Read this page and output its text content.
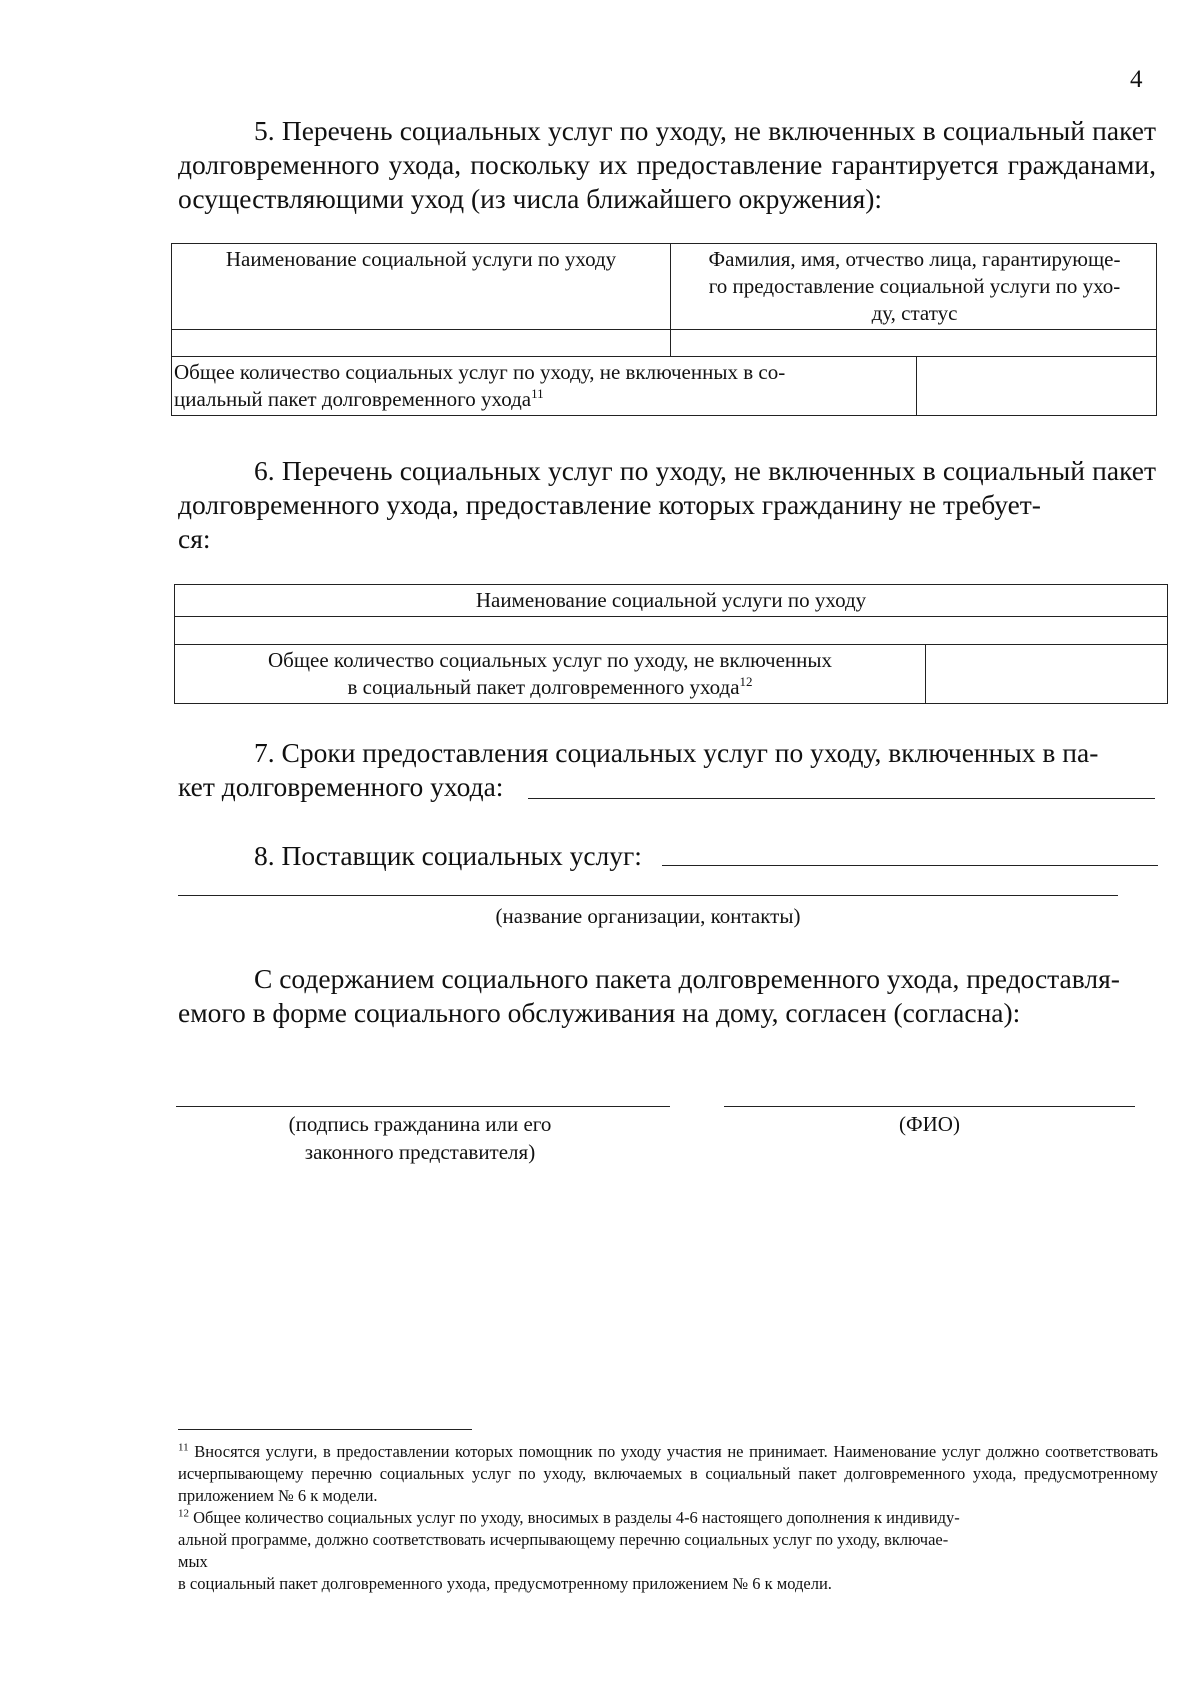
4
5. Перечень социальных услуг по уходу, не включенных в социальный пакет долговременного ухода, поскольку их предоставление гарантируется гражданами, осуществляющими уход (из числа ближайшего окружения):
Наименование социальной услуги по уходу	Фамилия, имя, отчество лица, гарантирующе-
го предоставление социальной услуги по ухо-
ду, статус	

Общее количество социальных услуг по уходу, не включенных в со-
циальный пакет долговременного ухода$^{11}$	
6. Перечень социальных услуг по уходу, не включенных в социальный пакет долговременного ухода, предоставление которых гражданину не требует-
ся:
Наименование социальной услуги по уходу

Общее количество социальных услуг по уходу, не включенных
в социальный пакет долговременного ухода$^{12}$	
7. Сроки предоставления социальных услуг по уходу, включенных в па-
кет долговременного ухода:
8. Поставщик социальных услуг:
(название организации, контакты)
С содержанием социального пакета долговременного ухода, предоставля-
емого в форме социального обслуживания на дому, согласен (согласна):
(подпись гражданина или его
законного представителя)
(ФИО)
$^{11}$ Вносятся услуги, в предоставлении которых помощник по уходу участия не принимает. Наименование услуг должно соответствовать исчерпывающему перечню социальных услуг по уходу, включаемых в социальный пакет долговременного ухода, предусмотренному приложением № 6 к модели.
$^{12}$ Общее количество социальных услуг по уходу, вносимых в разделы 4-6 настоящего дополнения к индивиду-
альной программе, должно соответствовать исчерпывающему перечню социальных услуг по уходу, включае-
мых
в социальный пакет долговременного ухода, предусмотренному приложением № 6 к модели.
